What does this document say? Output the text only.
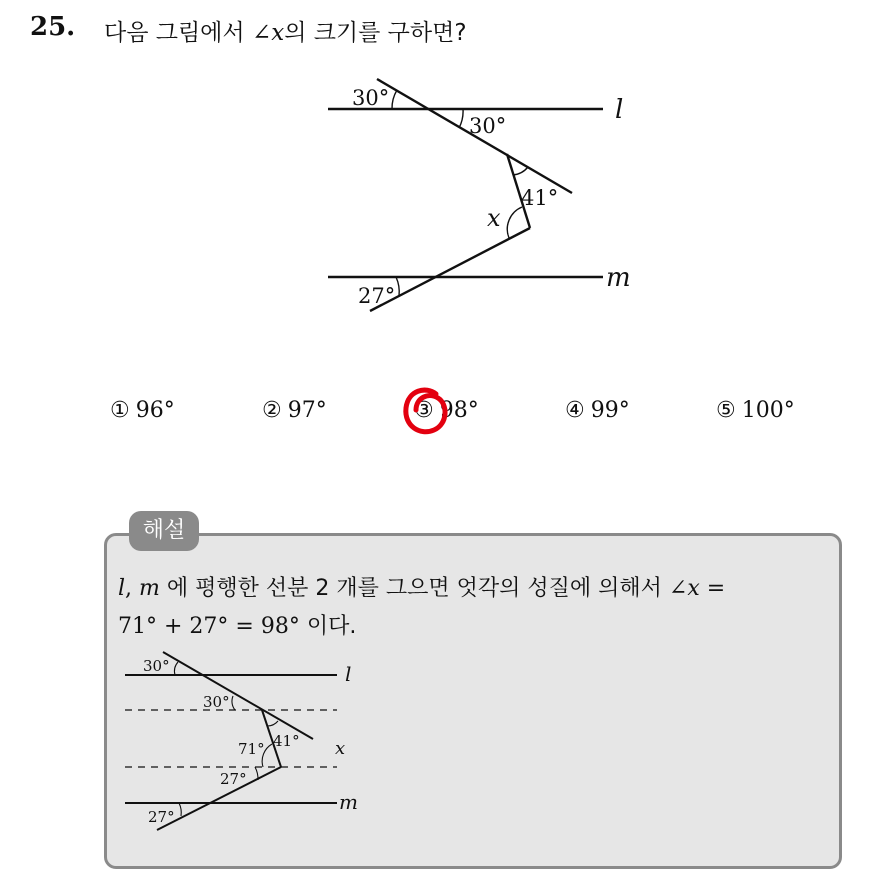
25. 다음 그림에서 ∠x의 크기를 구하면?
30°
30°
41°
x
27°
l
m
① 96°	② 97°	③ 98°	④ 99°	⑤ 100°
해설
l, m 에 평행한 선분 2 개를 그으면 엇각의 성질에 의해서 ∠x =
71° + 27° = 98° 이다.
30°
30°
41°
71°
27°
27°
l
x
m
